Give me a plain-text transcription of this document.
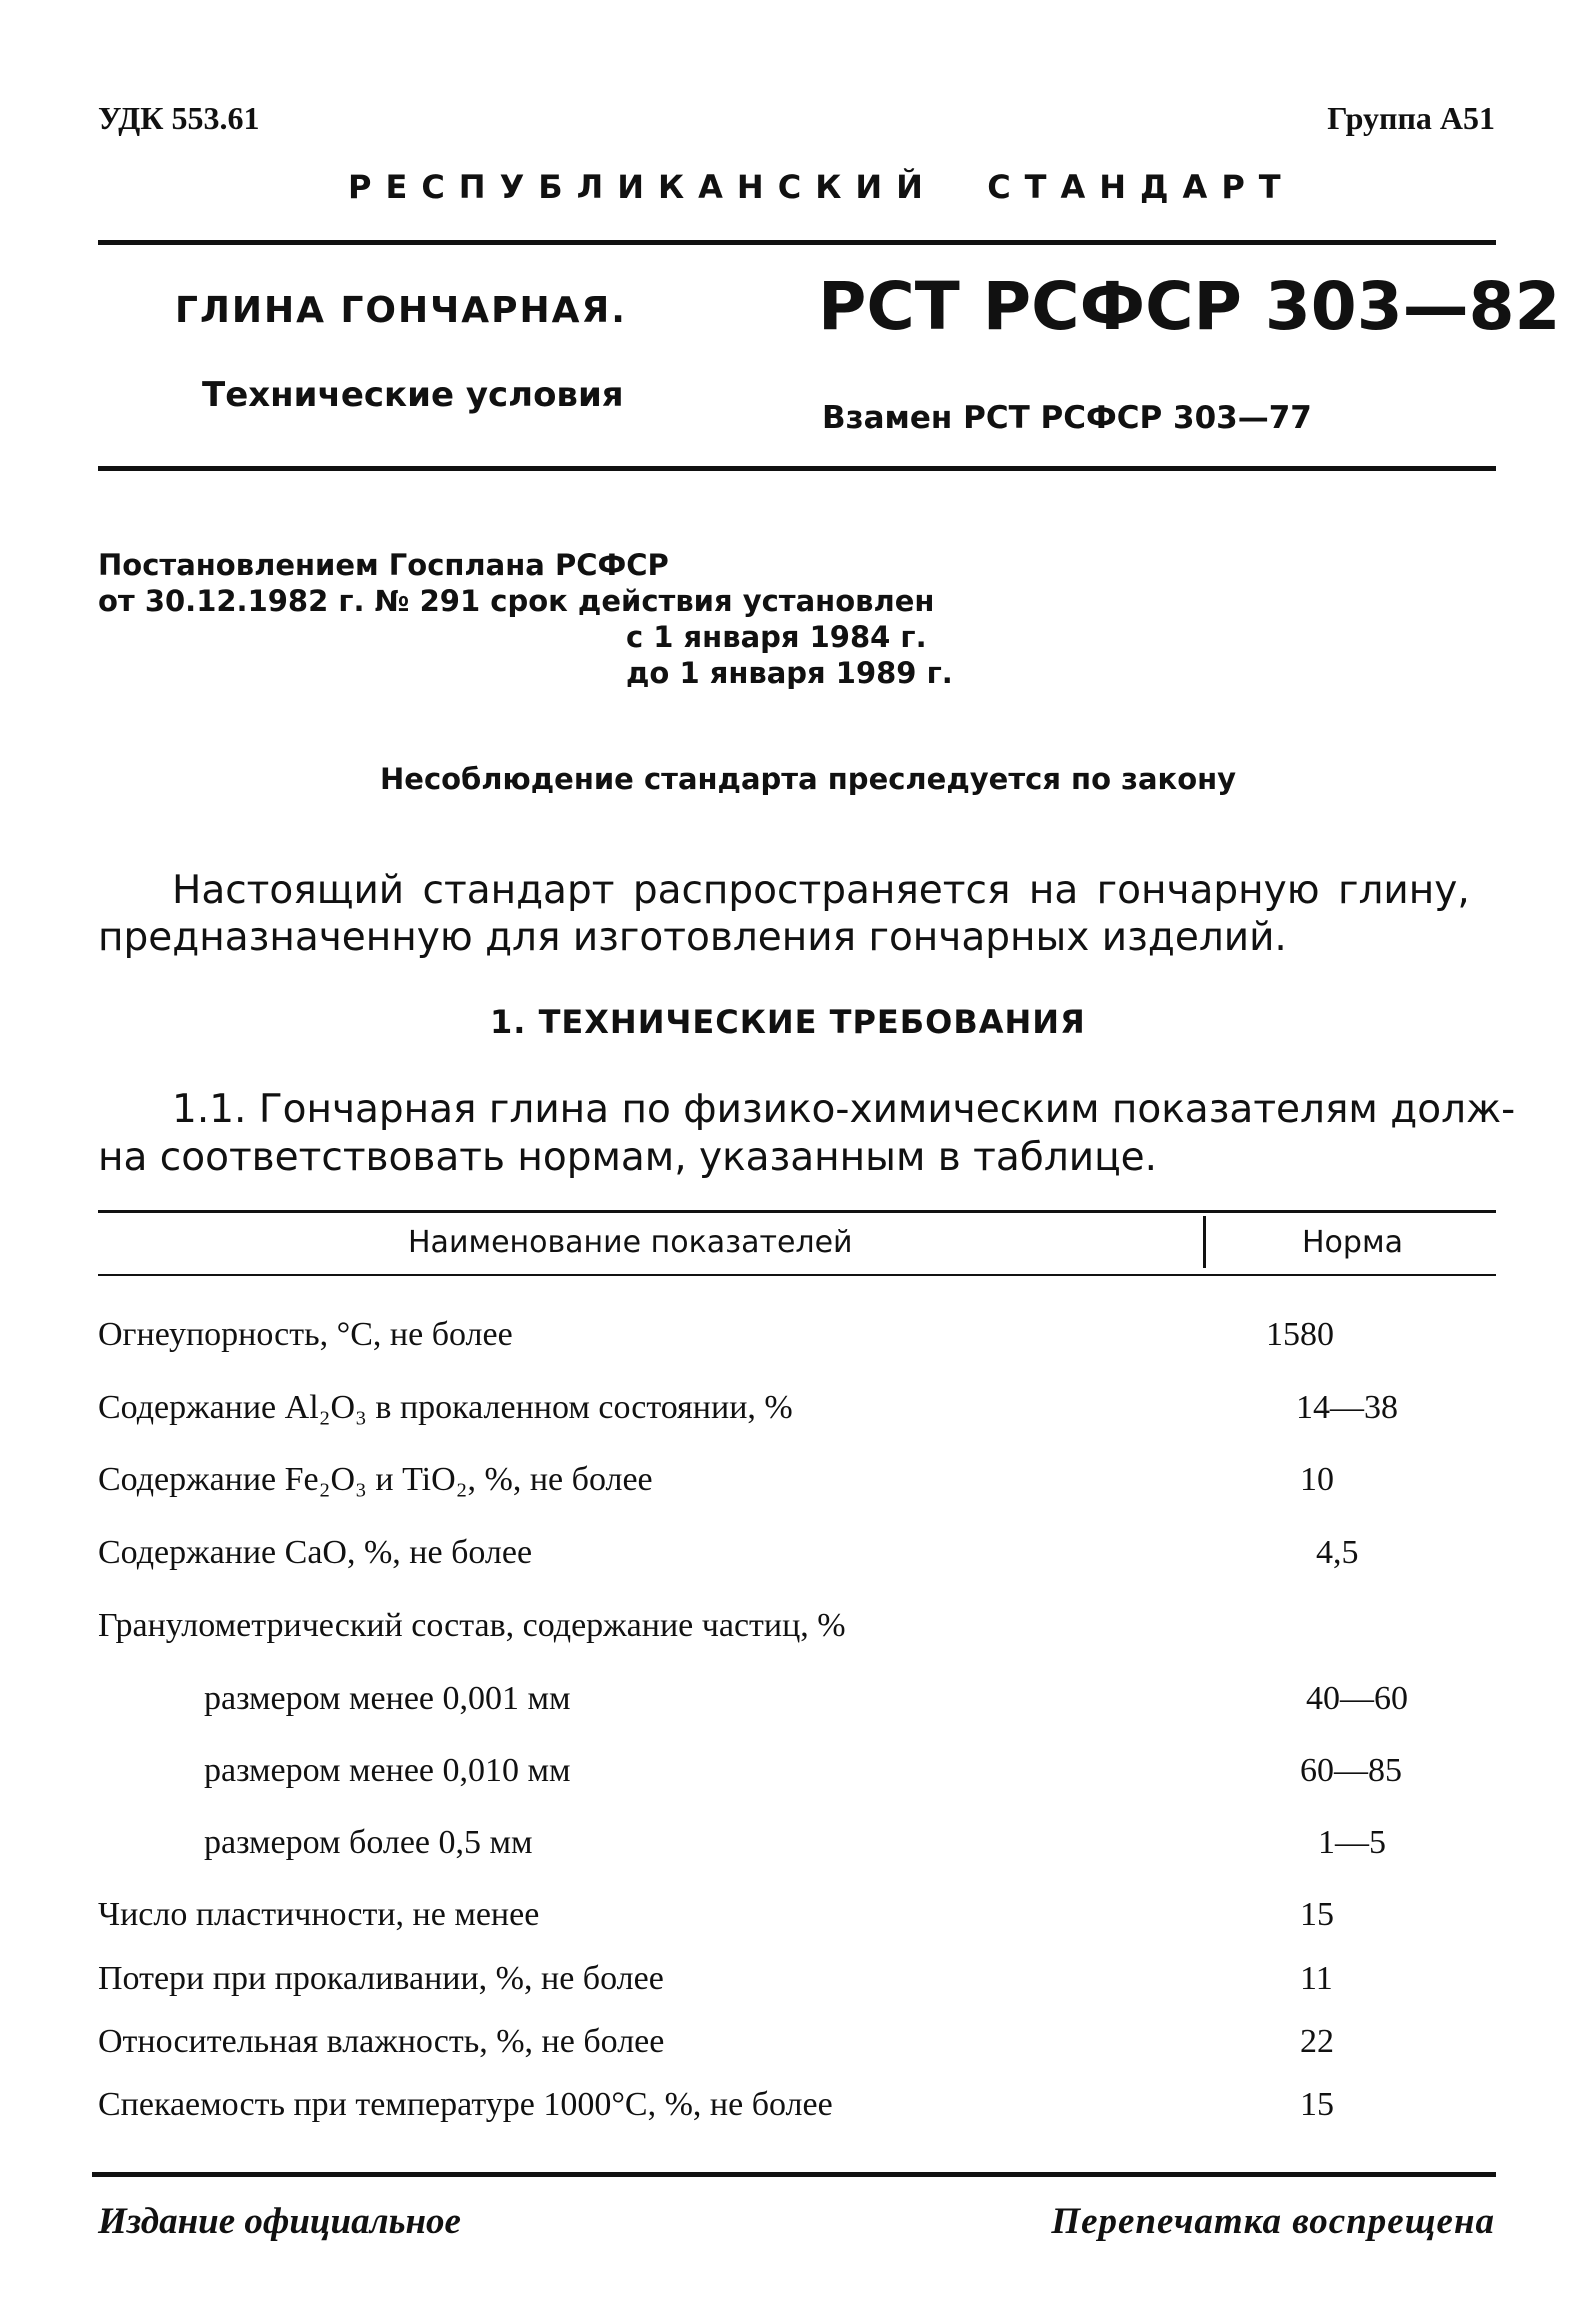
УДК 553.61	Группа А51
РЕСПУБЛИКАНСКИЙ  СТАНДАРТ
ГЛИНА ГОНЧАРНАЯ.
Технические условия
РСТ РСФСР 303—82
Взамен РСТ РСФСР 303—77
Постановлением Госплана РСФСР
от 30.12.1982 г. № 291 срок действия установлен
с 1 января 1984 г.
до 1 января 1989 г.
Несоблюдение стандарта преследуется по закону
Настоящий стандарт распространяется на гончарную глину,
предназначенную для изготовления гончарных изделий.
1. ТЕХНИЧЕСКИЕ ТРЕБОВАНИЯ
1.1. Гончарная глина по физико-химическим показателям долж-
на соответствовать нормам, указанным в таблице.
Наименование показателей	Норма
Огнеупорность, °С, не более	1580
Содержание Al₂O₃ в прокаленном состоянии, %	14—38
Содержание Fe₂O₃ и TiO₂, %, не более	10
Содержание CaO, %, не более	4,5
Гранулометрический состав, содержание частиц, %
размером менее 0,001 мм	40—60
размером менее 0,010 мм	60—85
размером более 0,5 мм	1—5
Число пластичности, не менее	15
Потери при прокаливании, %, не более	11
Относительная влажность, %, не более	22
Спекаемость при температуре 1000°С, %, не более	15
Издание официальное	Перепечатка воспрещена
